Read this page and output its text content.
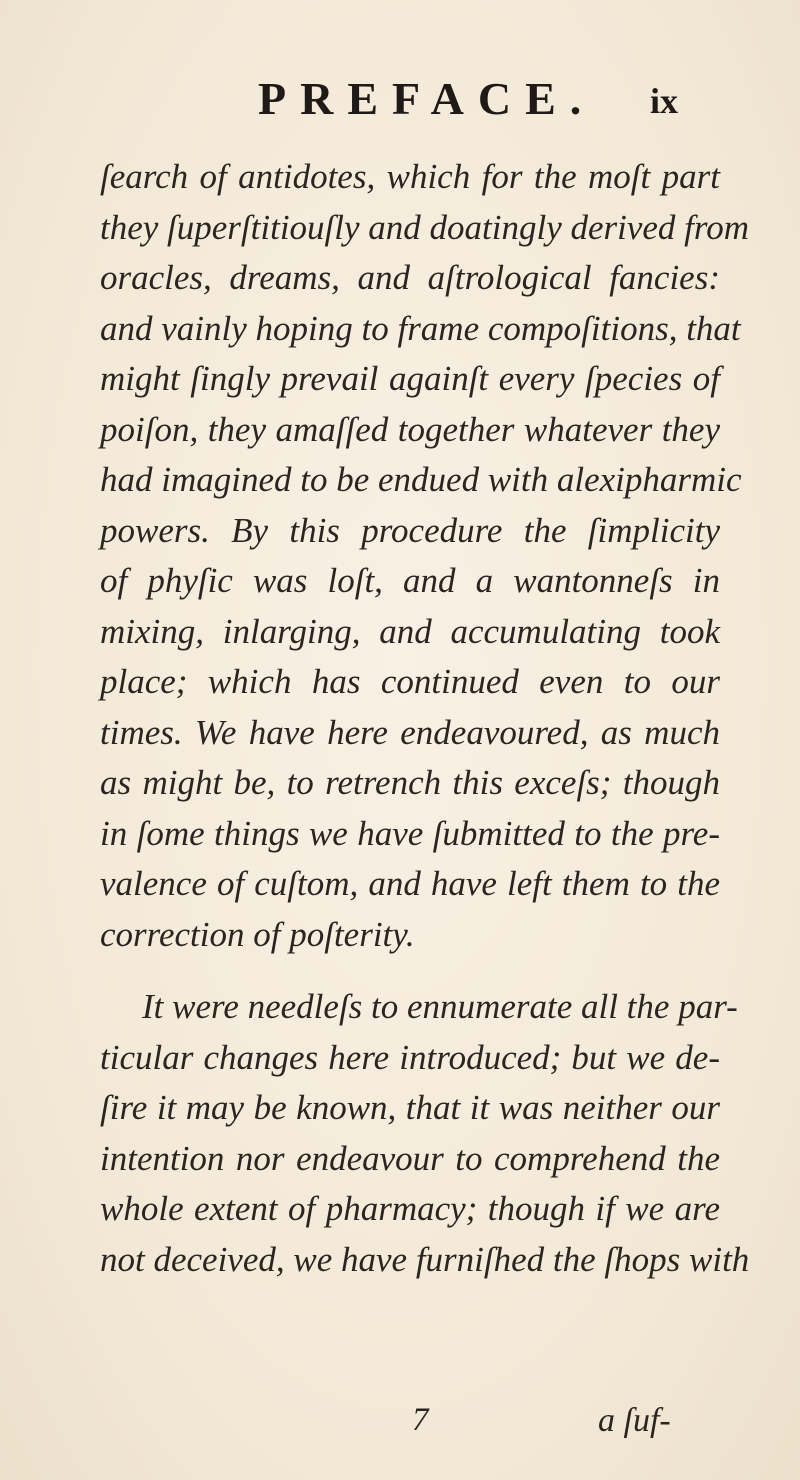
PREFACE. ix
ſearch of antidotes, which for the moſt part
they ſuperſtitiouſly and doatingly derived from
oracles, dreams, and aſtrological fancies:
and vainly hoping to frame compoſitions, that
might ſingly prevail againſt every ſpecies of
poiſon, they amaſſed together whatever they
had imagined to be endued with alexipharmic
powers. By this procedure the ſimplicity
of phyſic was loſt, and a wantonneſs in
mixing, inlarging, and accumulating took
place; which has continued even to our
times. We have here endeavoured, as much
as might be, to retrench this exceſs; though
in ſome things we have ſubmitted to the pre-
valence of cuſtom, and have left them to the
correction of poſterity.
It were needleſs to ennumerate all the par-
ticular changes here introduced; but we de-
ſire it may be known, that it was neither our
intention nor endeavour to comprehend the
whole extent of pharmacy; though if we are
not deceived, we have furniſhed the ſhops with
7	a ſuf-
